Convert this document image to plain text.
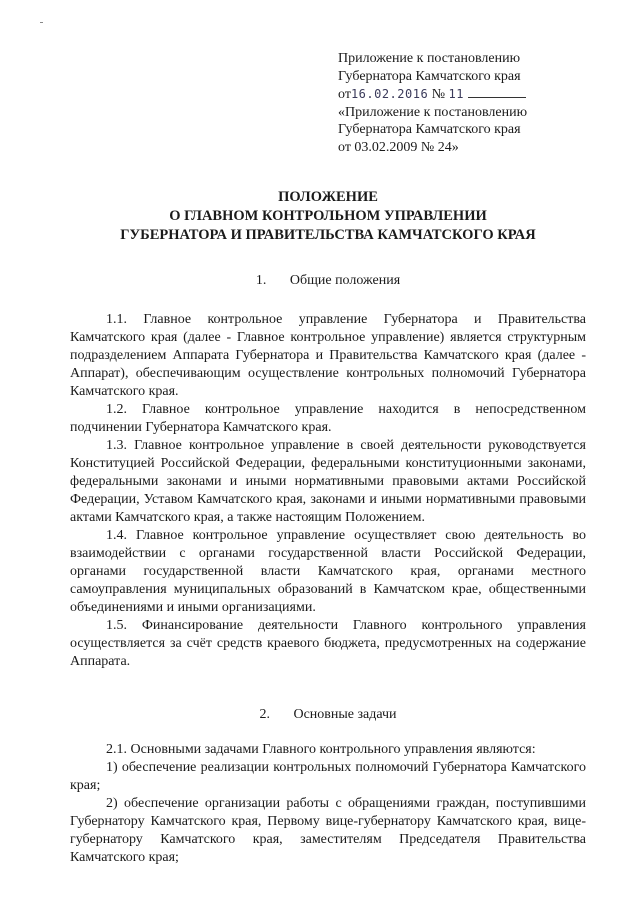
Приложение к постановлению
Губернатора Камчатского края
от16.02.2016 № 11
«Приложение к постановлению
Губернатора Камчатского края
от 03.02.2009 № 24»
ПОЛОЖЕНИЕ
О ГЛАВНОМ КОНТРОЛЬНОМ УПРАВЛЕНИИ
ГУБЕРНАТОРА И ПРАВИТЕЛЬСТВА КАМЧАТСКОГО КРАЯ
1. Общие положения

1.1. Главное контрольное управление Губернатора и Правительства Камчатского края (далее - Главное контрольное управление) является структурным подразделением Аппарата Губернатора и Правительства Камчатского края (далее - Аппарат), обеспечивающим осуществление контрольных полномочий Губернатора Камчатского края.

1.2. Главное контрольное управление находится в непосредственном подчинении Губернатора Камчатского края.

1.3. Главное контрольное управление в своей деятельности руководствуется Конституцией Российской Федерации, федеральными конституционными законами, федеральными законами и иными нормативными правовыми актами Российской Федерации, Уставом Камчатского края, законами и иными нормативными правовыми актами Камчатского края, а также настоящим Положением.

1.4. Главное контрольное управление осуществляет свою деятельность во взаимодействии с органами государственной власти Российской Федерации, органами государственной власти Камчатского края, органами местного самоуправления муниципальных образований в Камчатском крае, общественными объединениями и иными организациями.

1.5. Финансирование деятельности Главного контрольного управления осуществляется за счёт средств краевого бюджета, предусмотренных на содержание Аппарата.

2. Основные задачи

2.1. Основными задачами Главного контрольного управления являются:

1) обеспечение реализации контрольных полномочий Губернатора Камчатского края;

2) обеспечение организации работы с обращениями граждан, поступившими Губернатору Камчатского края, Первому вице-губернатору Камчатского края, вице-губернатору Камчатского края, заместителям Председателя Правительства Камчатского края;
